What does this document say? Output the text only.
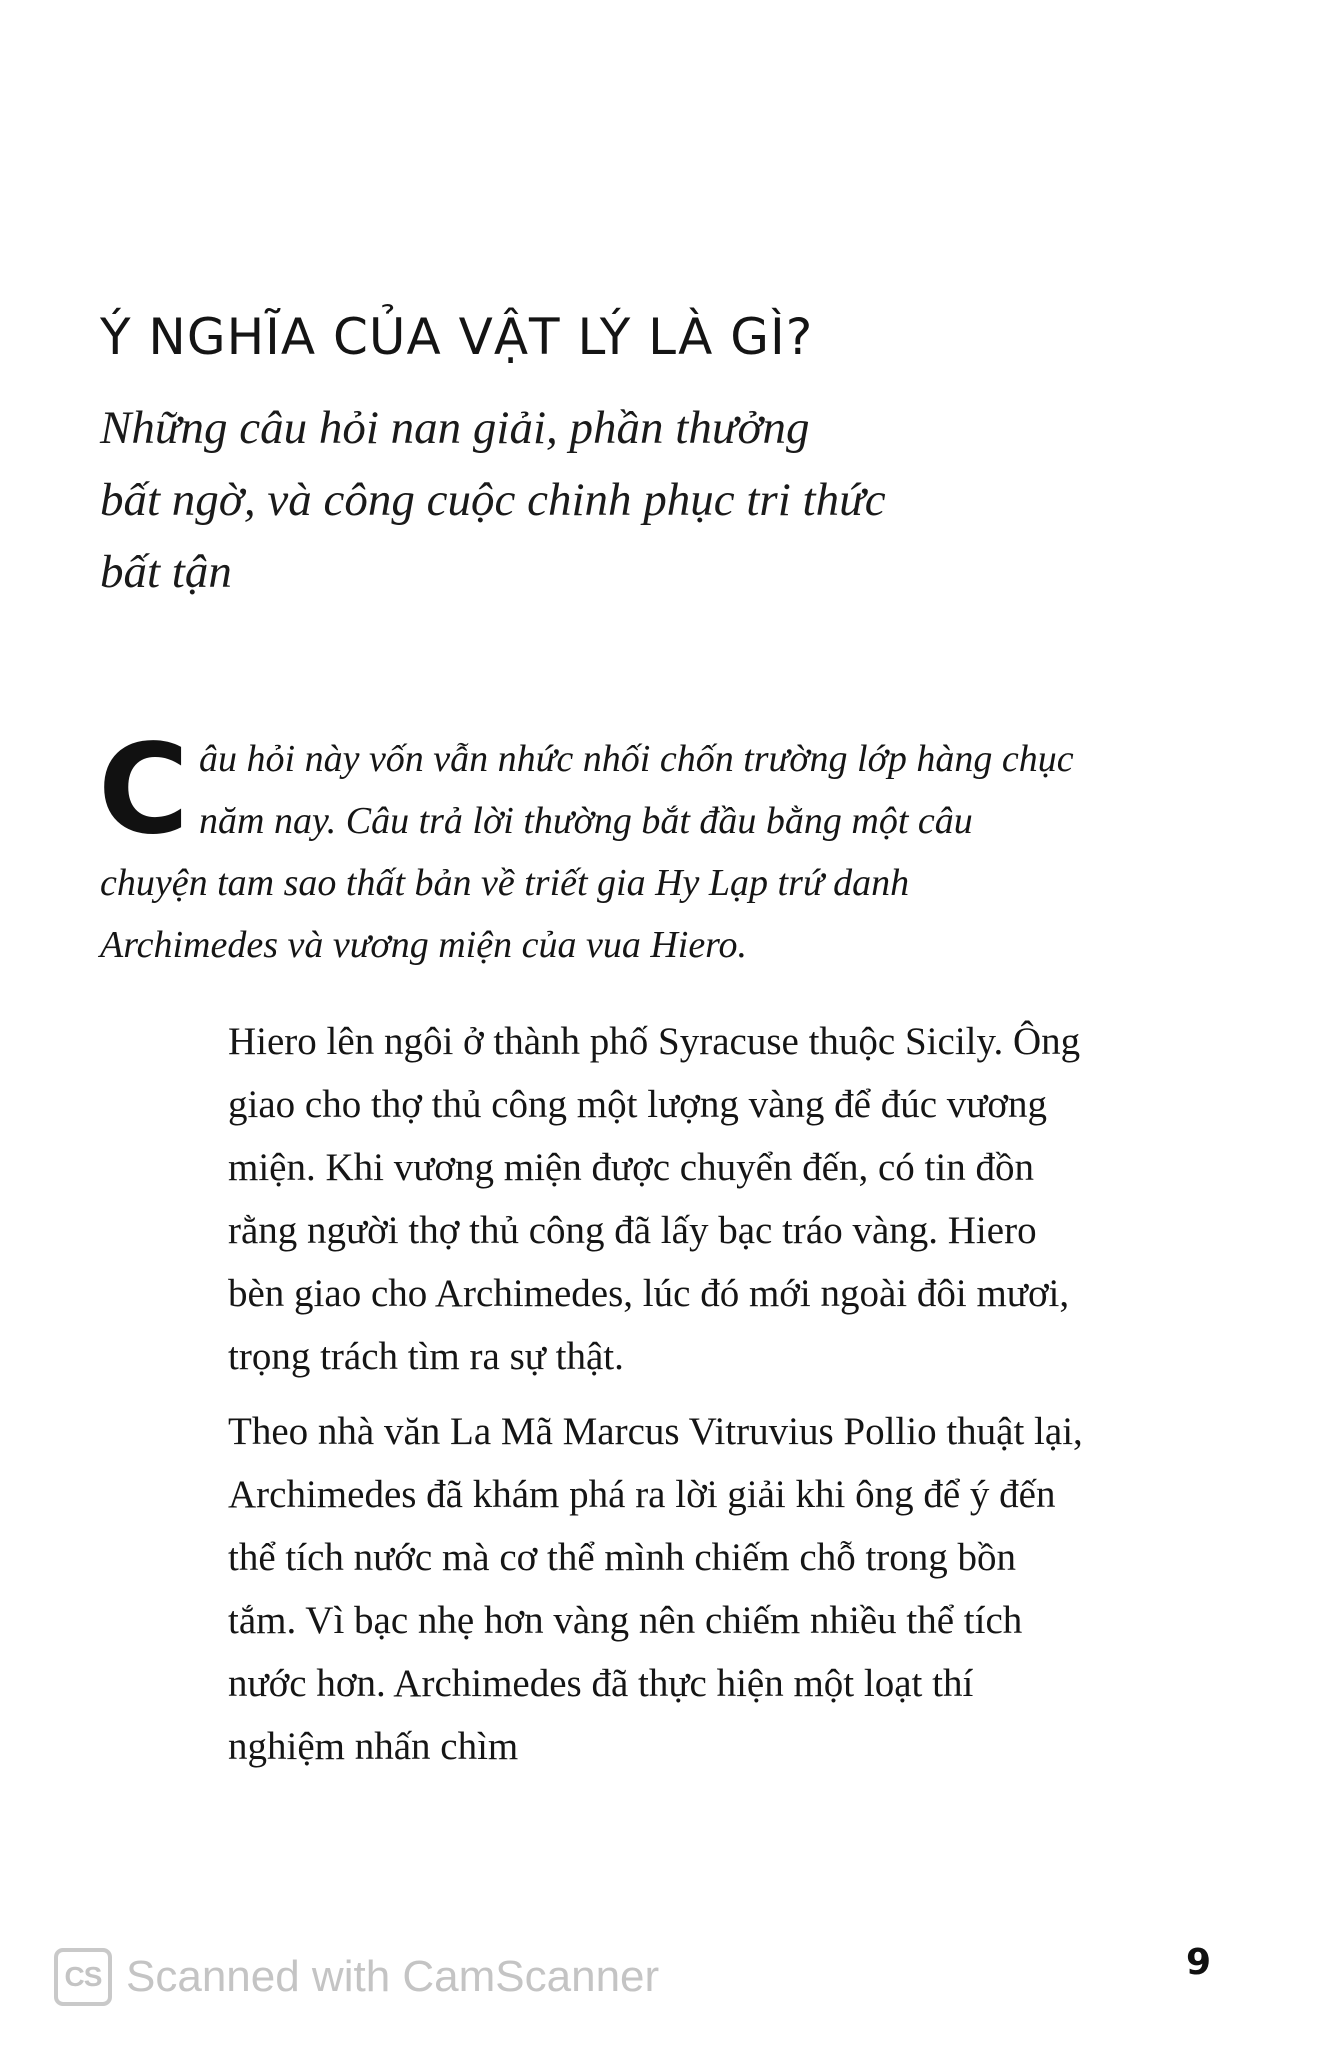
Ý NGHĨA CỦA VẬT LÝ LÀ GÌ?

Những câu hỏi nan giải, phần thưởng
bất ngờ, và công cuộc chinh phục tri thức
bất tận

Câu hỏi này vốn vẫn nhức nhối chốn trường lớp hàng chục năm nay. Câu trả lời thường bắt đầu bằng một câu chuyện tam sao thất bản về triết gia Hy Lạp trứ danh Archimedes và vương miện của vua Hiero.

Hiero lên ngôi ở thành phố Syracuse thuộc Sicily. Ông giao cho thợ thủ công một lượng vàng để đúc vương miện. Khi vương miện được chuyển đến, có tin đồn rằng người thợ thủ công đã lấy bạc tráo vàng. Hiero bèn giao cho Archimedes, lúc đó mới ngoài đôi mươi, trọng trách tìm ra sự thật.

Theo nhà văn La Mã Marcus Vitruvius Pollio thuật lại, Archimedes đã khám phá ra lời giải khi ông để ý đến thể tích nước mà cơ thể mình chiếm chỗ trong bồn tắm. Vì bạc nhẹ hơn vàng nên chiếm nhiều thể tích nước hơn. Archimedes đã thực hiện một loạt thí nghiệm nhấn chìm

CS Scanned with CamScanner	9
